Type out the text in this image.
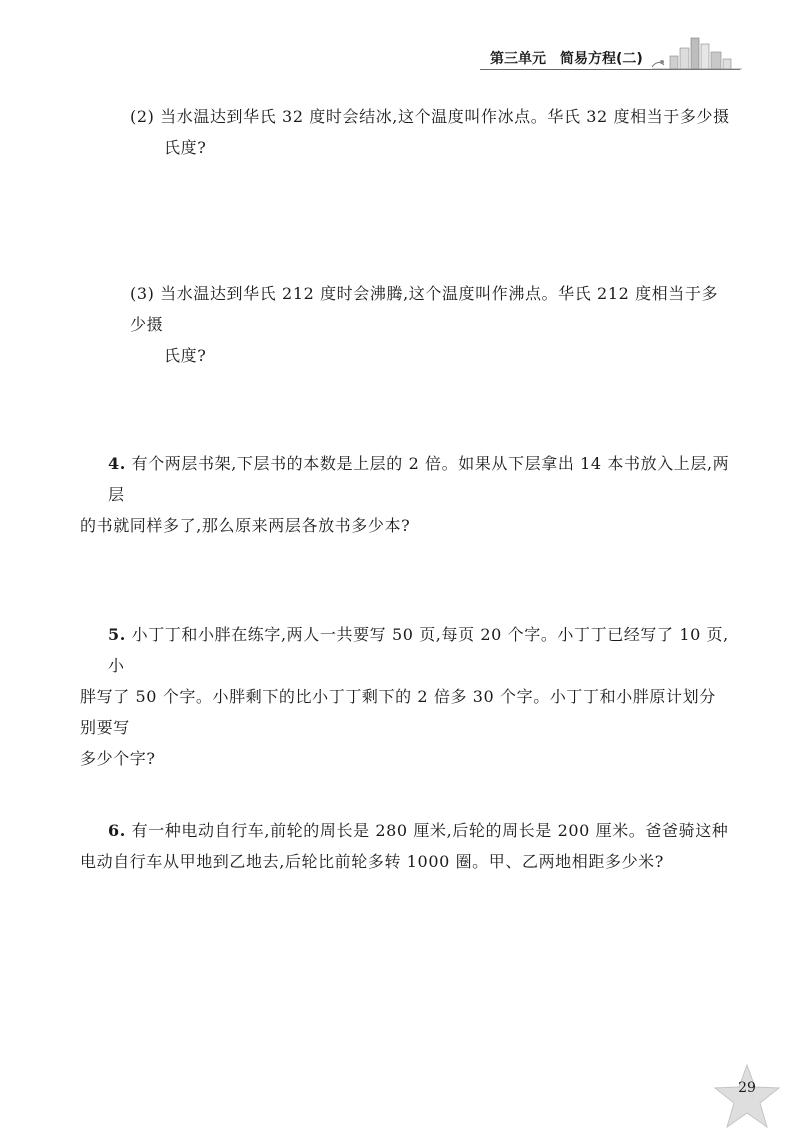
第三单元 简易方程(二)
(2) 当水温达到华氏 32 度时会结冰,这个温度叫作冰点。华氏 32 度相当于多少摄
氏度?
(3) 当水温达到华氏 212 度时会沸腾,这个温度叫作沸点。华氏 212 度相当于多少摄
氏度?
4. 有个两层书架,下层书的本数是上层的 2 倍。如果从下层拿出 14 本书放入上层,两层
的书就同样多了,那么原来两层各放书多少本?
5. 小丁丁和小胖在练字,两人一共要写 50 页,每页 20 个字。小丁丁已经写了 10 页,小
胖写了 50 个字。小胖剩下的比小丁丁剩下的 2 倍多 30 个字。小丁丁和小胖原计划分别要写
多少个字?
6. 有一种电动自行车,前轮的周长是 280 厘米,后轮的周长是 200 厘米。爸爸骑这种
电动自行车从甲地到乙地去,后轮比前轮多转 1000 圈。甲、乙两地相距多少米?
29
